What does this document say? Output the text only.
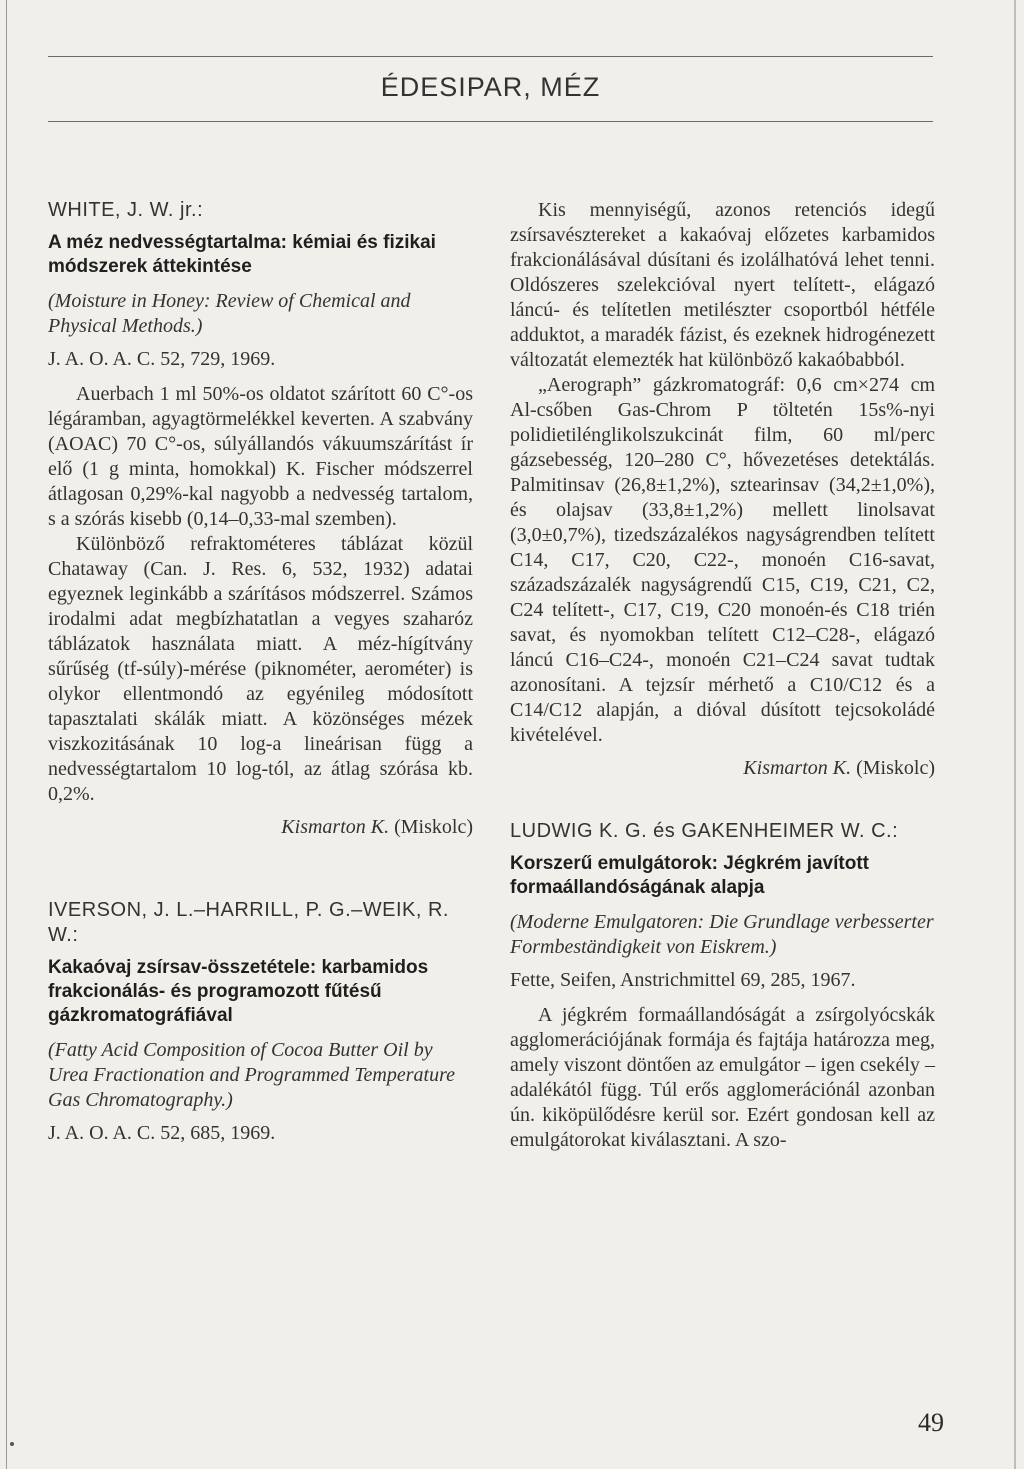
ÉDESIPAR, MÉZ
WHITE, J. W. jr.:
A méz nedvességtartalma: kémiai és fizikai módszerek áttekintése
(Moisture in Honey: Review of Chemical and Physical Methods.)
J. A. O. A. C. 52, 729, 1969.

Auerbach 1 ml 50%-os oldatot szárított 60 C°-os légáramban, agyagtörmelékkel keverten. A szabvány (AOAC) 70 C°-os, súlyállandós vákuumszárítást ír elő (1 g minta, homokkal) K. Fischer módszerrel átlagosan 0,29%-kal nagyobb a nedvesség tartalom, s a szórás kisebb (0,14–0,33-mal szemben).

Különböző refraktométeres táblázat közül Chataway (Can. J. Res. 6, 532, 1932) adatai egyeznek leginkább a szárításos módszerrel. Számos irodalmi adat megbízhatatlan a vegyes szaharóz táblázatok használata miatt. A méz-hígítvány sűrűség (tf-súly)-mérése (piknométer, aerométer) is olykor ellentmondó az egyénileg módosított tapasztalati skálák miatt. A közönséges mézek viszkozitásának 10 log-a lineárisan függ a nedvességtartalom 10 log-tól, az átlag szórása kb. 0,2%.

Kismarton K. (Miskolc)
IVERSON, J. L.–HARRILL, P. G.–WEIK, R. W.:
Kakaóvaj zsírsav-összetétele: karbamidos frakcionálás- és programozott fűtésű gázkromatográfiával
(Fatty Acid Composition of Cocoa Butter Oil by Urea Fractionation and Programmed Temperature Gas Chromatography.)
J. A. O. A. C. 52, 685, 1969.

Kis mennyiségű, azonos retenciós idegű zsírsavésztereket a kakaóvaj előzetes karbamidos frakcionálásával dúsítani és izolálhatóvá lehet tenni. Oldószeres szelekcióval nyert telített-, elágazó láncú- és telítetlen metilészter csoportból hétféle adduktot, a maradék fázist, és ezeknek hidrogénezett változatát elemezték hat különböző kakaóbabból.

„Aerograph” gázkromatográf: 0,6 cm×274 cm Al-csőben Gas-Chrom P töltetén 15s%-nyi polidietilénglikolszukcinát film, 60 ml/perc gázsebesség, 120–280 C°, hővezetéses detektálás. Palmitinsav (26,8±1,2%), sztearinsav (34,2±1,0%), és olajsav (33,8±1,2%) mellett linolsavat (3,0±0,7%), tizedszázalékos nagyságrendben telített C14, C17, C20, C22-, monoén C16-savat, századszázalék nagyságrendű C15, C19, C21, C2, C24 telített-, C17, C19, C20 monoén-és C18 trién savat, és nyomokban telített C12–C28-, elágazó láncú C16–C24-, monoén C21–C24 savat tudtak azonosítani. A tejzsír mérhető a C10/C12 és a C14/C12 alapján, a dióval dúsított tejcsokoládé kivételével.

Kismarton K. (Miskolc)
LUDWIG K. G. és GAKENHEIMER W. C.:
Korszerű emulgátorok: Jégkrém javított formaállandóságának alapja
(Moderne Emulgatoren: Die Grundlage verbesserter Formbeständigkeit von Eiskrem.)
Fette, Seifen, Anstrichmittel 69, 285, 1967.

A jégkrém formaállandóságát a zsírgolyócskák agglomerációjának formája és fajtája határozza meg, amely viszont döntően az emulgátor – igen csekély – adalékától függ. Túl erős agglomerációnál azonban ún. kiköpülődésre kerül sor. Ezért gondosan kell az emulgátorokat kiválasztani. A szo-

49
